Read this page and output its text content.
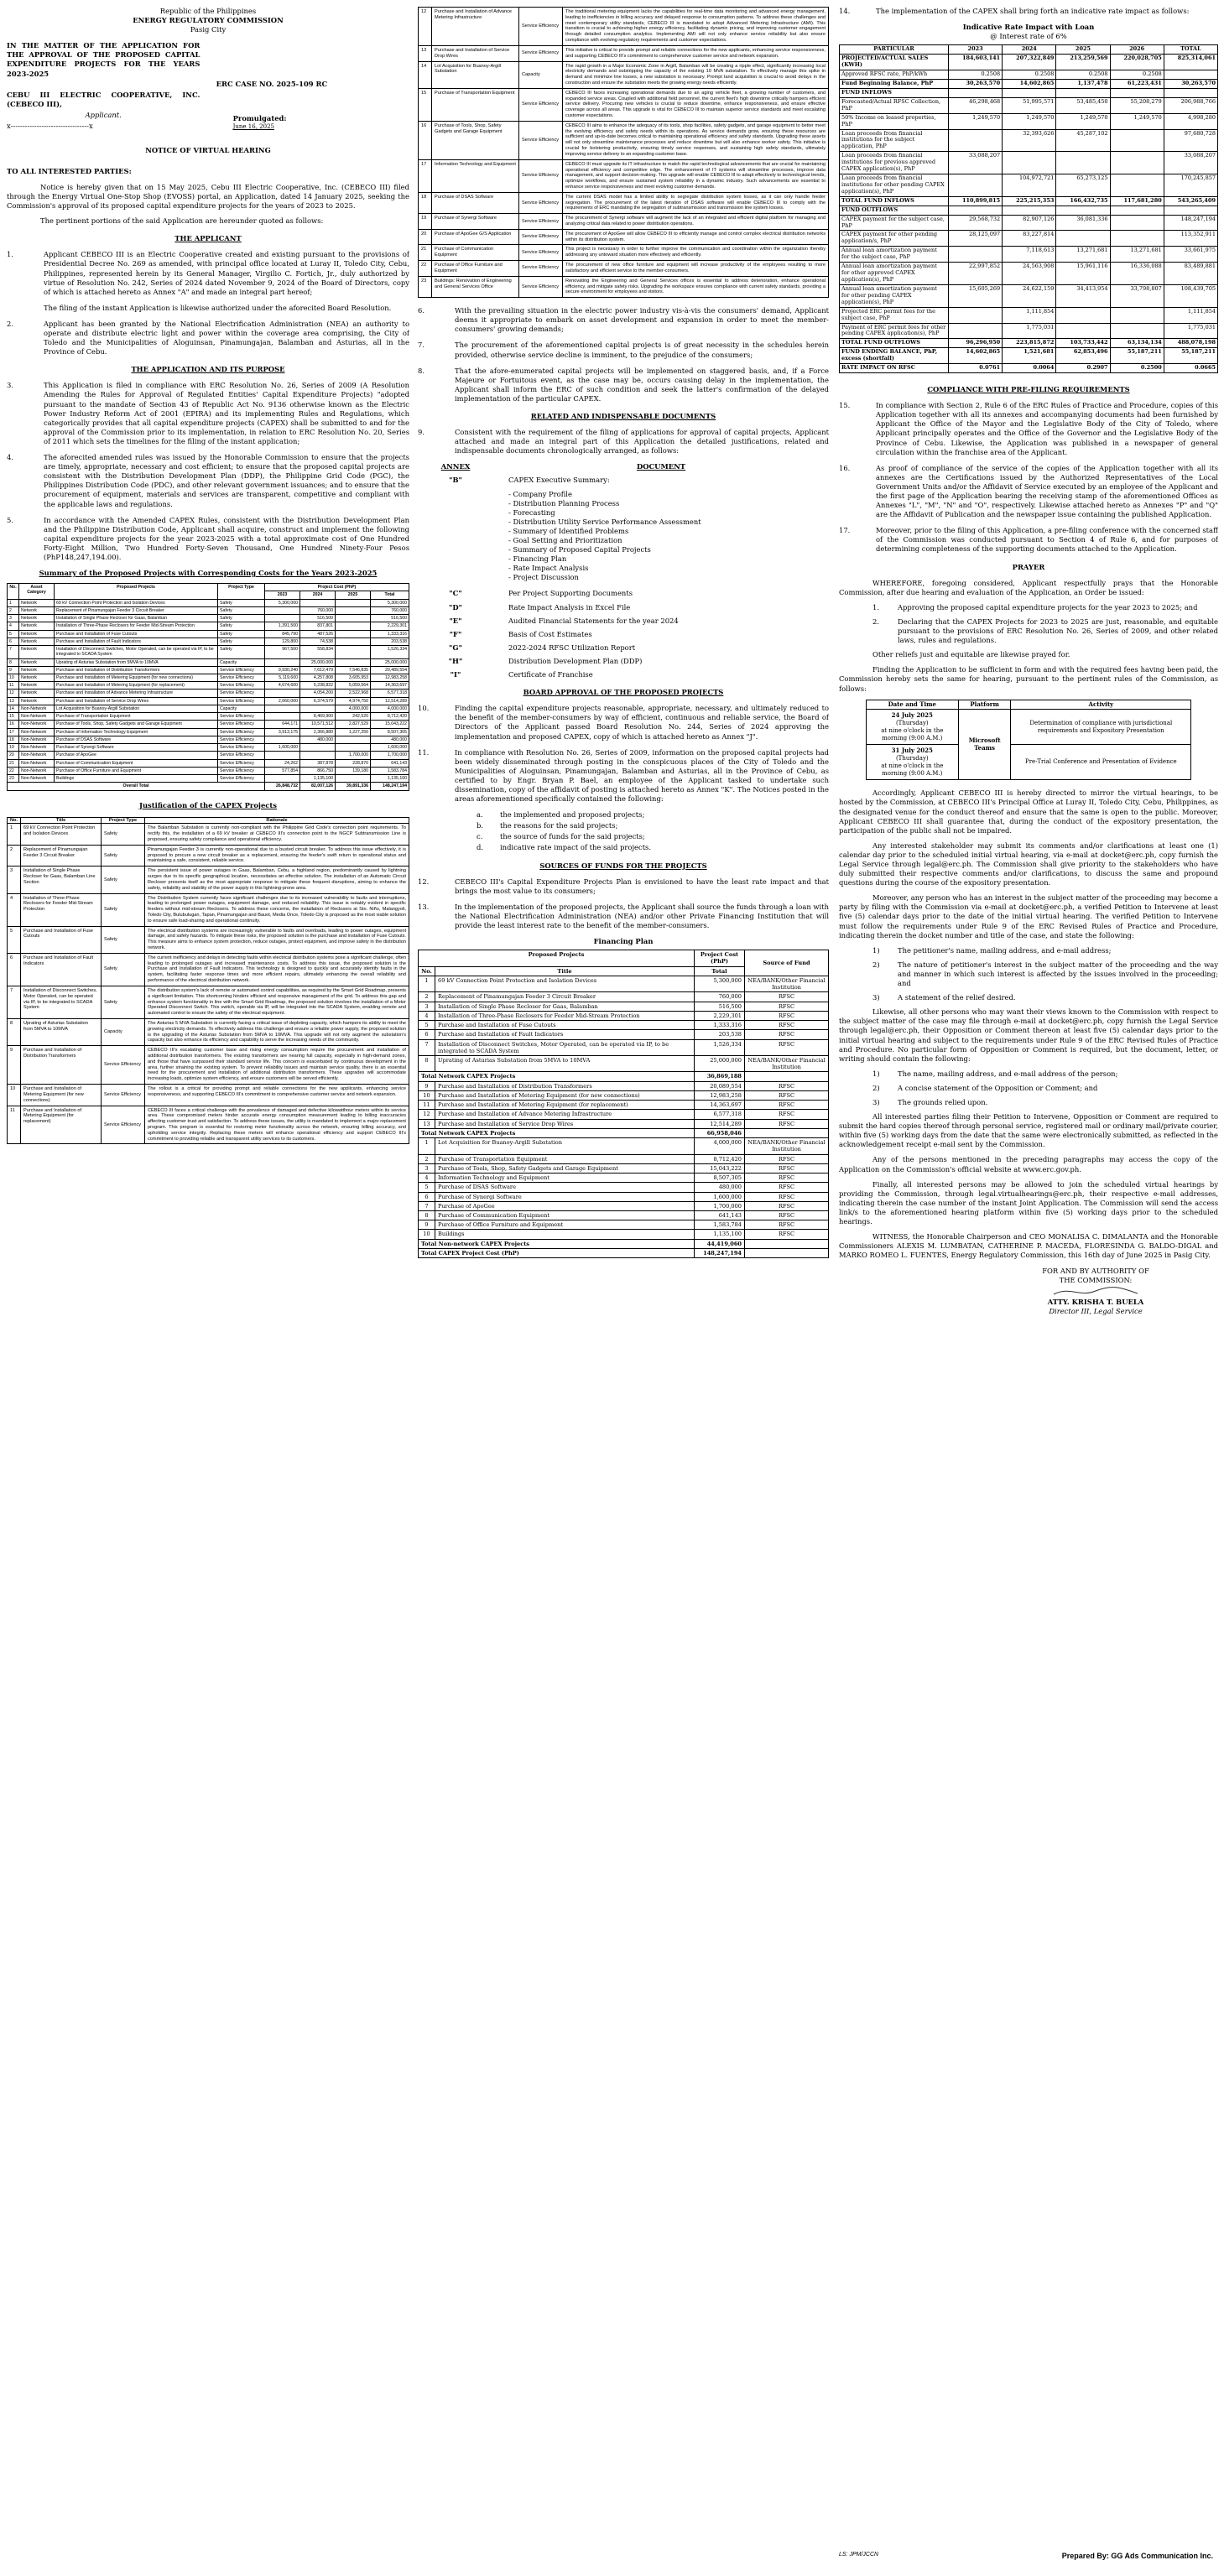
Republic of the Philippines
ENERGY REGULATORY COMMISSION
Pasig City

IN THE MATTER OF THE APPLICATION FOR THE APPROVAL OF THE PROPOSED CAPITAL EXPENDITURE PROJECTS FOR THE YEARS 2023-2025

CEBU III ELECTRIC COOPERATIVE, INC. (CEBECO III),

Applicant.

x---------------------------------x

ERC CASE NO. 2025-109 RC

Promulgated:

June 16, 2025

NOTICE OF VIRTUAL HEARING

TO ALL INTERESTED PARTIES:

Notice is hereby given that on 15 May 2025, Cebu III Electric Cooperative, Inc. (CEBECO III) filed through the Energy Virtual One-Stop Shop (EVOSS) portal, an Application, dated 14 January 2025, seeking the Commission's approval of its proposed capital expenditure projects for the years of 2023 to 2025.

The pertinent portions of the said Application are hereunder quoted as follows:

THE APPLICANT
1.	Applicant CEBECO III is an Electric Cooperative created and existing pursuant to the provisions of Presidential Decree No. 269 as amended, with principal office located at Luray II, Toledo City, Cebu, Philippines, represented herein by its General Manager, Virgilio C. Fortich, Jr., duly authorized by virtue of Resolution No. 242, Series of 2024 dated November 9, 2024 of the Board of Directors, copy of which is attached hereto as Annex "A" and made an integral part hereof;
The filing of the instant Application is likewise authorized under the aforecited Board Resolution.
2.	Applicant has been granted by the National Electrification Administration (NEA) an authority to operate and distribute electric light and power within the coverage area comprising, the City of Toledo and the Municipalities of Aloguinsan, Pinamungajan, Balamban and Asturias, all in the Province of Cebu.
THE APPLICATION AND ITS PURPOSE
3.	This Application is filed in compliance with ERC Resolution No. 26, Series of 2009 (A Resolution Amending the Rules for Approval of Regulated Entities' Capital Expenditure Projects) "adopted pursuant to the mandate of Section 43 of Republic Act No. 9136 otherwise known as the Electric Power Industry Reform Act of 2001 (EPIRA) and its implementing Rules and Regulations, which categorically provides that all capital expenditure projects (CAPEX) shall be submitted to and for the approval of the Commission prior to its implementation, in relation to ERC Resolution No. 20, Series of 2011 which sets the timelines for the filing of the instant application;
4.	The aforecited amended rules was issued by the Honorable Commission to ensure that the projects are timely, appropriate, necessary and cost efficient; to ensure that the proposed capital projects are consistent with the Distribution Development Plan (DDP), the Philippine Grid Code (PGC), the Philippines Distribution Code (PDC), and other relevant government issuances; and to ensure that the procurement of equipment, materials and services are transparent, competitive and compliant with the applicable laws and regulations.
5.	In accordance with the Amended CAPEX Rules, consistent with the Distribution Development Plan and the Philippine Distribution Code, Applicant shall acquire, construct and implement the following capital expenditure projects for the year 2023-2025 with a total approximate cost of One Hundred Forty-Eight Million, Two Hundred Forty-Seven Thousand, One Hundred Ninety-Four Pesos (PhP148,247,194.00).
Summary of the Proposed Projects with Corresponding Costs for the Years 2023-2025
No.	Asset Category	Proposed Projects	Project Type	Project Cost (PhP)			
				2023	2024	2025	Total
1	Network	69 kV Connection Point Protection and Isolation Devices	Safety	5,300,000			5,300,000
2	Network	Replacement of Pinamungajan Feeder 3 Circuit Breaker	Safety		760,000		760,000
3	Network	Installation of Single Phase Recloser for Gaas, Balamban	Safety		516,500		516,500
4	Network	Installation of Three-Phase Reclosers for Feeder Mid-Stream Protection	Safety	1,391,500	837,801		2,229,301
5	Network	Purchase and Installation of Fuse Cutouts	Safety	845,790	487,526		1,333,316
6	Network	Purchase and Installation of Fault Indicators	Safety	129,800	74,538		203,538
7	Network	Installation of Disconnect Switches, Motor Operated, can be operated via IP, to be integrated to SCADA System	Safety	967,500	558,834		1,526,334
8	Network	Uprating of Asturias Substation from 5MVA to 10MVA	Capacity		25,000,000		25,000,000
9	Network	Purchase and Installation of Distribution Transformers	Service Efficiency	9,930,240	7,612,479	7,546,835	20,489,554
10	Network	Purchase and Installation of Metering Equipment (for new connections)	Service Efficiency	5,119,600	4,257,808	3,605,953	12,983,258
11	Network	Purchase and Installation of Metering Equipment (for replacement)	Service Efficiency	4,674,600	5,238,822	5,059,564	14,363,697
12	Network	Purchase and Installation of Advance Metering Infrastructure	Service Efficiency		4,054,200	2,522,968	6,577,318
13	Network	Purchase and Installation of Service Drop Wires	Service Efficiency	2,660,000	6,374,579	4,974,750	12,514,289
14	Non-Network	Lot Acquisition for Buanoy-Argill Substation	Capacity			4,000,000	4,000,000
15	Non-Network	Purchase of Transportation Equipment	Service Efficiency		8,469,900	242,520	8,712,420
16	Non-Network	Purchase of Tools, Shop, Safety Gadgets and Garage Equipment	Service Efficiency	644,171	10,571,512	2,827,529	15,043,222
17	Non-Network	Purchase of Information Technology Equipment	Service Efficiency	3,913,175	2,366,880	1,227,250	8,507,305
18	Non-Network	Purchase of DSAS Software	Service Efficiency		480,000		480,000
19	Non-Network	Purchase of Synergi Software	Service Efficiency	1,600,000			1,600,000
20	Non-Network	Purchase of ApoGee	Service Efficiency			1,700,000	1,700,000
21	Non-Network	Purchase of Communication Equipment	Service Efficiency	24,262	387,878	228,870	641,143
22	Non-Network	Purchase of Office Furniture and Equipment	Service Efficiency	577,854	866,750	139,180	1,583,784
23	Non-Network	Buildings	Service Efficiency		1,135,100		1,135,100
Overall Total				26,848,732	82,007,126	39,891,336	148,247,194
Justification of the CAPEX Projects
No.	Title	Project Type	Rationale
1	69 kV Connection Point Protection and Isolation Devices	Safety	The Balamban Substation is currently non-compliant with the Philippine Grid Code's connection point requirements. To rectify this, the installation of a 69 kV breaker at CEBECO III's connection point to the NGCP Subtransmission Line is proposed, ensuring safety compliance and operational efficiency.
2	Replacement of Pinamungajan Feeder 3 Circuit Breaker	Safety	Pinamungajan Feeder 3 is currently non-operational due to a busted circuit breaker. To address this issue effectively, it is proposed to procure a new circuit breaker as a replacement, ensuring the feeder's swift return to operational status and maintaining a safe, consistent, reliable service.
3	Installation of Single Phase Recloser for Gaas, Balamban Line Section	Safety	The persistent issue of power outages in Gaas, Balamban, Cebu, a highland region, predominantly caused by lightning surges due to its specific geographical location, necessitates an effective solution. The installation of an Automatic Circuit Recloser presents itself as the most appropriate response to mitigate these frequent disruptions, aiming to enhance the safety, reliability and stability of the power supply in this lightning-prone area.
4	Installation of Three-Phase Reclosers for Feeder Mid-Stream Protection	Safety	The Distribution System currently faces significant challenges due to its increased vulnerability to faults and interruptions, leading to prolonged power outages, equipment damage, and reduced reliability. This issue is notably evident in specific feeders without mid-stream Reclosers. To address these concerns, the installation of Reclosers at Sto. Niño, Malangyoli, Toledo City, Bulubulugan, Tapan, Pinamungajan and Bauot, Media Once, Toledo City is proposed as the most viable solution to ensure safe load-sharing and operational continuity.
5	Purchase and Installation of Fuse Cutouts	Safety	The electrical distribution systems are increasingly vulnerable to faults and overloads, leading to power outages, equipment damage, and safety hazards. To mitigate these risks, the proposed solution is the purchase and installation of Fuse Cutouts. This measure aims to enhance system protection, reduce outages, protect equipment, and improve safety in the distribution network.
6	Purchase and Installation of Fault Indicators	Safety	The current inefficiency and delays in detecting faults within electrical distribution systems pose a significant challenge, often leading to prolonged outages and increased maintenance costs. To address this issue, the proposed solution is the Purchase and Installation of Fault Indicators. This technology is designed to quickly and accurately identify faults in the system, facilitating faster response times and more efficient repairs, ultimately enhancing the overall reliability and performance of the electrical distribution network.
7	Installation of Disconnect Switches, Motor Operated, can be operated via IP, to be integrated to SCADA System	Safety	The distribution system's lack of remote or automated control capabilities, as required by the Smart Grid Roadmap, presents a significant limitation. This shortcoming hinders efficient and responsive management of the grid. To address this gap and enhance system functionality in line with the Smart Grid Roadmap, the proposed solution involves the installation of a Motor Operated Disconnect Switch. This switch, operable via IP, will be integrated into the SCADA System, enabling remote and automated control to ensure the safety of the electrical equipment.
8	Uprating of Asturias Substation from 5MVA to 10MVA	Capacity	The Asturias 5 MVA Substation is currently facing a critical issue of depleting capacity, which hampers its ability to meet the growing electricity demands. To effectively address this challenge and ensure a reliable power supply, the proposed solution is the upgrading of the Asturias Substation from 5MVA to 10MVA. This upgrade will not only augment the substation's capacity but also enhance its efficiency and capability to serve the increasing needs of the community.
9	Purchase and Installation of Distribution Transformers	Service Efficiency	CEBECO III's escalating customer base and rising energy consumption require the procurement and installation of additional distribution transformers. The existing transformers are nearing full capacity, especially in high-demand zones, and those that have surpassed their standard service life. This concern is exacerbated by continuous development in the area, further straining the existing system. To prevent reliability issues and maintain service quality, there is an essential need for the procurement and installation of additional distribution transformers. These upgrades will accommodate increasing loads, optimize system efficiency, and ensure customers will be served efficiently.
10	Purchase and Installation of Metering Equipment (for new connections)	Service Efficiency	The rollout is a critical for providing prompt and reliable connections for the new applicants, enhancing service responsiveness, and supporting CEBECO III's commitment to comprehensive customer service and network expansion.
11	Purchase and Installation of Metering Equipment (for replacement)	Service Efficiency	CEBECO III faces a critical challenge with the prevalence of damaged and defective kilowatthour meters within its service area. These compromised meters hinder accurate energy consumption measurement leading to billing inaccuracies affecting customer trust and satisfaction. To address these issues, the utility is mandated to implement a major replacement program. This program is essential for restoring meter functionality across the network, ensuring billing accuracy, and upholding service integrity. Replacing these meters will enhance operational efficiency and support CEBECO III's commitment to providing reliable and transparent utility services to its customers.
12	Purchase and Installation of Advance Metering Infrastructure	Service Efficiency	The traditional metering equipment lacks the capabilities for real-time data monitoring and advanced energy management, leading to inefficiencies in billing accuracy and delayed response to consumption patterns. To address these challenges and meet contemporary utility standards, CEBECO III is mandated to adopt Advanced Metering Infrastructure (AMI). This transition is crucial to achieving higher energy efficiency, facilitating dynamic pricing, and improving customer engagement through detailed consumption analytics. Implementing AMI will not only enhance service reliability but also ensure compliance with evolving regulatory requirements and customer expectations.
13	Purchase and Installation of Service Drop Wires	Service Efficiency	This initiative is critical to provide prompt and reliable connections for the new applicants, enhancing service responsiveness, and supporting CEBECO III's commitment to comprehensive customer service and network expansion.
14	Lot Acquisition for Buanoy-Argill Substation	Capacity	The rapid growth in a Major Economic Zone in Argill, Balamban will be creating a ripple effect, significantly increasing local electricity demands and outstripping the capacity of the existing 10 MVA substation. To effectively manage this spike in demand and minimize line losses, a new substation is necessary. Prompt land acquisition is crucial to avoid delays in the construction and ensure the substation meets the growing energy needs efficiently.
15	Purchase of Transportation Equipment	Service Efficiency	CEBECO III faces increasing operational demands due to an aging vehicle fleet, a growing number of customers, and expanded service areas. Coupled with additional field personnel, the current fleet's high downtime critically hampers efficient service delivery. Procuring new vehicles is crucial to reduce downtime, enhance responsiveness, and ensure effective coverage across all areas. This upgrade is vital for CEBECO III to maintain superior service standards and meet escalating customer expectations.
16	Purchase of Tools, Shop, Safety Gadgets and Garage Equipment	Service Efficiency	CEBECO III aims to enhance the adequacy of its tools, shop facilities, safety gadgets, and garage equipment to better meet the evolving efficiency and safety needs within its operations. As service demands grow, ensuring these resources are sufficient and up-to-date becomes critical to maintaining operational efficiency and safety standards. Upgrading these assets will not only streamline maintenance processes and reduce downtime but will also enhance worker safety. This initiative is crucial for bolstering productivity, ensuring timely service responses, and sustaining high safety standards, ultimately improving service delivery to an expanding customer base.
17	Information Technology and Equipment	Service Efficiency	CEBECO III must upgrade its IT infrastructure to match the rapid technological advancements that are crucial for maintaining operational efficiency and competitive edge. The enhancement of IT systems will streamline processes, improve data management, and support decision-making. This upgrade will enable CEBECO III to adapt effectively to technological trends, optimize workflows, and ensure sustained system reliability in a dynamic industry. Such advancements are essential to enhance service responsiveness and meet evolving customer demands.
18	Purchase of DSAS Software	Service Efficiency	The current DSAS model has a limited ability to segregate distribution system losses, as it can only handle feeder segregation. The procurement of the latest iteration of DSAS software will enable CEBECO III to comply with the requirements of ERC mandating the segregation of subtransmission and transmission line system losses.
19	Purchase of Synergi Software	Service Efficiency	The procurement of Synergi software will augment the lack of an integrated and efficient digital platform for managing and analyzing critical data related to power distribution operations.
20	Purchase of ApoGee G/S Application	Service Efficiency	The procurement of ApoGee will allow CEBECO III to efficiently manage and control complex electrical distribution networks within its distribution system.
21	Purchase of Communication Equipment	Service Efficiency	This project is necessary in order to further improve the communication and coordination within the organization thereby addressing any untoward situation more effectively and efficiently.
22	Purchase of Office Furniture and Equipment	Service Efficiency	The procurement of new office furniture and equipment will increase productivity of the employees resulting to more satisfactory and efficient service to the member-consumers.
23	Buildings: Renovation of Engineering and General Services Office	Service Efficiency	Renovating the Engineering and General Services offices is essential to address deterioration, enhance operational efficiency, and mitigate safety risks. Upgrading the workspace ensures compliance with current safety standards, providing a secure environment for employees and visitors.
6.	With the prevailing situation in the electric power industry vis-à-vis the consumers' demand, Applicant deems it appropriate to embark on asset development and expansion in order to meet the member-consumers' growing demands;
7.	The procurement of the aforementioned capital projects is of great necessity in the schedules herein provided, otherwise service decline is imminent, to the prejudice of the consumers;
8.	That the afore-enumerated capital projects will be implemented on staggered basis, and, if a Force Majeure or Fortuitous event, as the case may be, occurs causing delay in the implementation, the Applicant shall inform the ERC of such condition and seek the latter's confirmation of the delayed implementation of the particular CAPEX.
RELATED AND INDISPENSABLE DOCUMENTS
9.	Consistent with the requirement of the filing of applications for approval of capital projects, Applicant attached and made an integral part of this Application the detailed justifications, related and indispensable documents chronologically arranged, as follows:
ANNEX	DOCUMENT
"B"	CAPEX Executive Summary:
- Company Profile
- Distribution Planning Process
- Forecasting
- Distribution Utility Service Performance Assessment
- Summary of Identified Problems
- Goal Setting and Prioritization
- Summary of Proposed Capital Projects
- Financing Plan
- Rate Impact Analysis
- Project Discussion
"C"	Per Project Supporting Documents
"D"	Rate Impact Analysis in Excel File
"E"	Audited Financial Statements for the year 2024
"F"	Basis of Cost Estimates
"G"	2022-2024 RFSC Utilization Report
"H"	Distribution Development Plan (DDP)
"I"	Certificate of Franchise
BOARD APPROVAL OF THE PROPOSED PROJECTS
10.	Finding the capital expenditure projects reasonable, appropriate, necessary, and ultimately reduced to the benefit of the member-consumers by way of efficient, continuous and reliable service, the Board of Directors of the Applicant passed Board Resolution No. 244, Series of 2024 approving the implementation and proposed CAPEX, copy of which is attached hereto as Annex "J".
11.	In compliance with Resolution No. 26, Series of 2009, information on the proposed capital projects had been widely disseminated through posting in the conspicuous places of the City of Toledo and the Municipalities of Aloguinsan, Pinamungajan, Balamban and Asturias, all in the Province of Cebu, as certified to by Engr. Bryan P. Bael, an employee of the Applicant tasked to undertake such dissemination, copy of the affidavit of posting is attached hereto as Annex "K". The Notices posted in the areas aforementioned specifically contained the following:
a.	the implemented and proposed projects;
b.	the reasons for the said projects;
c.	the source of funds for the said projects;
d.	indicative rate impact of the said projects.
SOURCES OF FUNDS FOR THE PROJECTS
12.	CEBECO III's Capital Expenditure Projects Plan is envisioned to have the least rate impact and that brings the most value to its consumers;
13.	In the implementation of the proposed projects, the Applicant shall source the funds through a loan with the National Electrification Administration (NEA) and/or other Private Financing Institution that will provide the least interest rate to the benefit of the member-consumers.
Financing Plan
Proposed Projects		Project Cost (PhP)	Source of Fund
No.	Title	Total	
1	69 kV Connection Point Protection and Isolation Devices	5,300,000	NEA/BANK/Other Financial Institution
2	Replacement of Pinamungajan Feeder 3 Circuit Breaker	760,000	RFSC
3	Installation of Single Phase Recloser for Gaas, Balamban	516,500	RFSC
4	Installation of Three-Phase Reclosers for Feeder Mid-Stream Protection	2,229,301	RFSC
5	Purchase and Installation of Fuse Cutouts	1,333,316	RFSC
6	Purchase and Installation of Fault Indicators	203,538	RFSC
7	Installation of Disconnect Switches, Motor Operated, can be operated via IP, to be integrated to SCADA System	1,526,334	RFSC
8	Uprating of Asturias Substation from 5MVA to 10MVA	25,000,000	NEA/BANK/Other Financial Institution
Total Network CAPEX Projects		36,869,188	
9	Purchase and Installation of Distribution Transformers	20,089,554	RFSC
10	Purchase and Installation of Metering Equipment (for new connections)	12,983,258	RFSC
11	Purchase and Installation of Metering Equipment (for replacement)	14,363,697	RFSC
12	Purchase and Installation of Advance Metering Infrastructure	6,577,318	RFSC
13	Purchase and Installation of Service Drop Wires	12,514,289	RFSC
Total Network CAPEX Projects		66,958,046	
1	Lot Acquisition for Buanoy-Argill Substation	4,000,000	NEA/BANK/Other Financial Institution
2	Purchase of Transportation Equipment	8,712,420	RFSC
3	Purchase of Tools, Shop, Safety Gadgets and Garage Equipment	15,043,222	RFSC
4	Information Technology and Equipment	8,507,305	RFSC
5	Purchase of DSAS Software	480,000	RFSC
6	Purchase of Synergi Software	1,600,000	RFSC
7	Purchase of ApoGee	1,700,000	RFSC
8	Purchase of Communication Equipment	641,143	RFSC
9	Purchase of Office Furniture and Equipment	1,583,784	RFSC
10	Buildings	1,135,100	RFSC
Total Non-network CAPEX Projects		44,419,060	
Total CAPEX Project Cost (PhP)		148,247,194	
14.	The implementation of the CAPEX shall bring forth an indicative rate impact as follows:
Indicative Rate Impact with Loan
@ Interest rate of 6%
PARTICULAR	2023	2024	2025	2026	TOTAL
PROJECTED/ACTUAL SALES (KWH)	184,603,141	207,322,849	213,259,569	220,028,705	825,314,061
Approved RFSC rate, PhP/kWh	0.2508	0.2508	0.2508	0.2508	
Fund Beginning Balance, PhP	30,263,570	14,602,865	1,137,478	61,223,431	30,263,570
FUND INFLOWS					
Forecasted/Actual RFSC Collection, PhP	46,298,468	51,995,571	53,485,450	55,208,279	206,988,766
50% Income on leased properties, PhP	1,249,570	1,249,570	1,249,570	1,249,570	4,998,280
Loan proceeds from financial institutions for the subject application, PhP		32,393,626	45,287,102		97,680,728
Loan proceeds from financial institutions for previous approved CAPEX application(s), PhP	33,088,207				33,088,207
Loan proceeds from financial institutions for other pending CAPEX application(s), PhP		104,972,721	65,273,125		170,245,857
TOTAL FUND INFLOWS	110,899,815	225,215,353	166,432,735	117,681,280	543,265,409
FUND OUTFLOWS					
CAPEX payment for the subject case, PhP	29,568,732	82,907,126	36,081,336		148,247,194
CAPEX payment for other pending application/s, PhP	28,125,097	83,227,814			113,352,911
Annual loan amortization payment for the subject case, PhP		7,118,613	13,271,681	13,271,681	33,661,975
Annual loan amortization payment for other approved CAPEX application(s), PhP	22,997,852	24,563,908	15,961,116	16,336,088	83,489,881
Annual loan amortization payment for other pending CAPEX application(s), PhP	15,605,269	24,622,159	34,413,954	33,798,807	108,439,705
Projected ERC permit fees for the subject case, PhP		1,111,854			1,111,854
Payment of ERC permit fees for other pending CAPEX application(s), PhP		1,775,031			1,775,031
TOTAL FUND OUTFLOWS	96,296,950	223,815,872	103,733,442	63,134,134	488,078,198
FUND ENDING BALANCE, PhP, excess (shortfall)	14,602,865	1,521,681	62,853,496	55,187,211	55,187,211
RATE IMPACT ON RFSC	0.0761	0.0064	0.2907	0.2500	0.0665
COMPLIANCE WITH PRE-FILING REQUIREMENTS
15.	In compliance with Section 2, Rule 6 of the ERC Rules of Practice and Procedure, copies of this Application together with all its annexes and accompanying documents had been furnished by Applicant the Office of the Mayor and the Legislative Body of the City of Toledo, where Applicant principally operates and the Office of the Governor and the Legislative Body of the Province of Cebu. Likewise, the Application was published in a newspaper of general circulation within the franchise area of the Applicant.
16.	As proof of compliance of the service of the copies of the Application together with all its annexes are the Certifications issued by the Authorized Representatives of the Local Government Units and/or the Affidavit of Service executed by an employee of the Applicant and the first page of the Application bearing the receiving stamp of the aforementioned Offices as Annexes "L", "M", "N" and "O", respectively. Likewise attached hereto as Annexes "P" and "Q" are the Affidavit of Publication and the newspaper issue containing the published Application.
17.	Moreover, prior to the filing of this Application, a pre-filing conference with the concerned staff of the Commission was conducted pursuant to Section 4 of Rule 6, and for purposes of determining completeness of the supporting documents attached to the Application.
PRAYER

WHEREFORE, foregoing considered, Applicant respectfully prays that the Honorable Commission, after due hearing and evaluation of the Application, an Order be issued:

1.	Approving the proposed capital expenditure projects for the year 2023 to 2025; and
2.	Declaring that the CAPEX Projects for 2023 to 2025 are just, reasonable, and equitable pursuant to the provisions of ERC Resolution No. 26, Series of 2009, and other related laws, rules and regulations.

Other reliefs just and equitable are likewise prayed for.

Finding the Application to be sufficient in form and with the required fees having been paid, the Commission hereby sets the same for hearing, pursuant to the pertinent rules of the Commission, as follows:

Date and Time	Platform	Activity

24 July 2025
(Thursday)
at nine o'clock in the morning (9:00 A.M.)	Microsoft Teams	Determination of compliance with jurisdictional requirements and Expository Presentation

31 July 2025
(Thursday)
at nine o'clock in the morning (9:00 A.M.)		Pre-Trial Conference and Presentation of Evidence

Accordingly, Applicant CEBECO III is hereby directed to mirror the virtual hearings, to be hosted by the Commission, at CEBECO III's Principal Office at Luray II, Toledo City, Cebu, Philippines, as the designated venue for the conduct thereof and ensure that the same is open to the public. Moreover, Applicant CEBECO III shall guarantee that, during the conduct of the expository presentation, the participation of the public shall not be impaired.

Any interested stakeholder may submit its comments and/or clarifications at least one (1) calendar day prior to the scheduled initial virtual hearing, via e-mail at docket@erc.ph, copy furnish the Legal Service through legal@erc.ph. The Commission shall give priority to the stakeholders who have duly submitted their respective comments and/or clarifications, to discuss the same and propound questions during the course of the expository presentation.

Moreover, any person who has an interest in the subject matter of the proceeding may become a party by filing with the Commission via e-mail at docket@erc.ph, a verified Petition to Intervene at least five (5) calendar days prior to the date of the initial virtual hearing. The verified Petition to Intervene must follow the requirements under Rule 9 of the ERC Revised Rules of Practice and Procedure, indicating therein the docket number and title of the case, and state the following:

1)	The petitioner's name, mailing address, and e-mail address;
2)	The nature of petitioner's interest in the subject matter of the proceeding and the way and manner in which such interest is affected by the issues involved in the proceeding; and
3)	A statement of the relief desired.

Likewise, all other persons who may want their views known to the Commission with respect to the subject matter of the case may file through e-mail at docket@erc.ph, copy furnish the Legal Service through legal@erc.ph, their Opposition or Comment thereon at least five (5) calendar days prior to the initial virtual hearing and subject to the requirements under Rule 9 of the ERC Revised Rules of Practice and Procedure. No particular form of Opposition or Comment is required, but the document, letter, or writing should contain the following:

1)	The name, mailing address, and e-mail address of the person;
2)	A concise statement of the Opposition or Comment; and
3)	The grounds relied upon.

All interested parties filing their Petition to Intervene, Opposition or Comment are required to submit the hard copies thereof through personal service, registered mail or ordinary mail/private courier, within five (5) working days from the date that the same were electronically submitted, as reflected in the acknowledgement receipt e-mail sent by the Commission.

Any of the persons mentioned in the preceding paragraphs may access the copy of the Application on the Commission's official website at www.erc.gov.ph.

Finally, all interested persons may be allowed to join the scheduled virtual hearings by providing the Commission, through legal.virtualhearings@erc.ph, their respective e-mail addresses, indicating therein the case number of the instant Joint Application. The Commission will send the access link/s to the aforementioned hearing platform within five (5) working days prior to the scheduled hearings.

WITNESS, the Honorable Chairperson and CEO MONALISA C. DIMALANTA and the Honorable Commissioners ALEXIS M. LUMBATAN, CATHERINE P. MACEDA, FLORESINDA G. BALDO-DIGAL and MARKO ROMEO L. FUENTES, Energy Regulatory Commission, this 16th day of June 2025 in Pasig City.

FOR AND BY AUTHORITY OF
THE COMMISSION:
ATTY. KRISHA T. BUELA
Director III, Legal Service
LS: JPM/JCCN	Prepared By: GG Ads Communication Inc.
